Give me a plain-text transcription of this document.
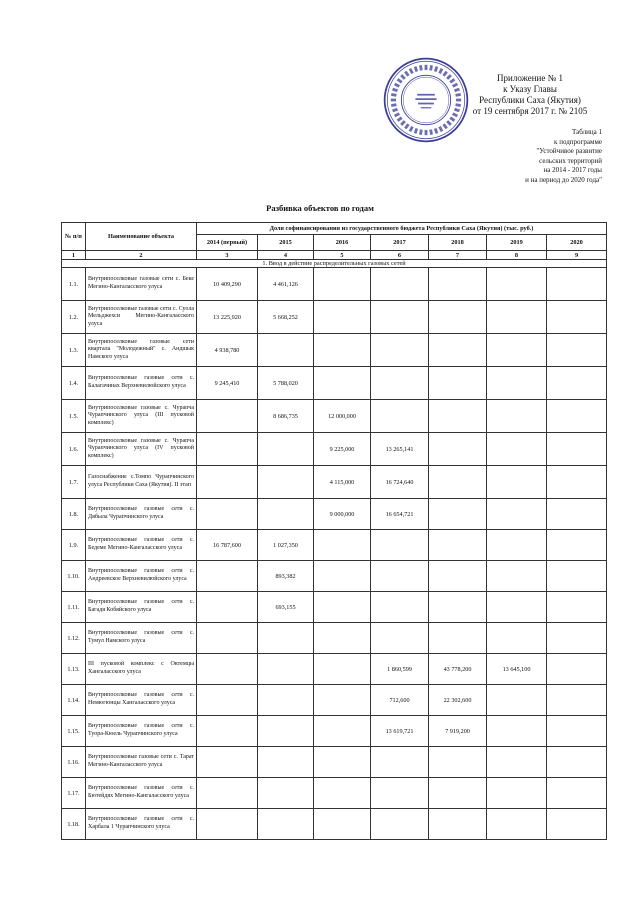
Приложение № 1
к Указу Главы
Республики Саха (Якутия)
от 19 сентября 2017 г. № 2105
Таблица 1
к подпрограмме
"Устойчивое развитие
сельских территорий
на 2014 - 2017 годы
и на период до 2020 года"
Разбивка объектов по годам
№ п/п	Наименование объекта	Доля софинансирования из государственного бюджета Республики Саха (Якутия) (тыс. руб.)						
		2014 (первый)	2015	2016	2017	2018	2019	2020
1	2	3	4	5	6	7	8	9
1. Ввод в действие распределительных газовых сетей								
1.1.	Внутрипоселковые газовые сети с. Беке Мегино-Кангаласского улуса	10 409,290	4 461,126					
1.2.	Внутрипоселковые газовые сети с. Суола Мельджехси Мегино-Кангаласского улуса	13 225,920	5 668,252					
1.3.	Внутрипоселковые газовые сети квартала "Молодежный" с. Андшык Намского улуса	4 938,780						
1.4.	Внутрипоселковые газовые сети с. Балагачинах Верхневилюйского улуса	9 245,410	5 788,020					
1.5.	Внутрипоселковые газовые с. Чурапча Чурапчинского улуса (III пусковой комплекс)		8 686,735	12 000,000				
1.6.	Внутрипоселковые газовые с. Чурапча Чурапчинского улуса (IV пусковой комплекс)			9 225,000	13 265,141			
1.7.	Газоснабжение с.Томпо Чурапчинского улуса Республики Саха (Якутия). II этап			4 115,000	16 724,640			
1.8.	Внутрипоселковые газовые сети с. Дябыла Чурапчинского улуса			9 000,000	16 654,721			
1.9.	Внутрипоселковые газовые сети с. Бедеме Мегино-Кангаласского улуса	16 787,600	1 027,350					
1.10.	Внутрипоселковые газовые сети с. Андреевское Верхневилюйского улуса		893,382					
1.11.	Внутрипоселковые газовые сети с. Багадя Кобяйского улуса		693,155					
1.12.	Внутрипоселковые газовые сети с. Тумул Намского улуса							
1.13.	III пусковой комплекс с Октемцы Хангаласского улуса				1 860,599	43 778,200	13 645,100	
1.14.	Внутрипоселковые газовые сети с. Немюгюнцы Хангаласского улуса				712,600	22 302,600		
1.15.	Внутрипоселковые газовые сети с. Туора-Кюель Чурапчинского улуса				13 619,721	7 919,200		
1.16.	Внутрипоселковые газовые сети с. Тарат Мегино-Кангаласского улуса							
1.17.	Внутрипоселковые газовые сети с. Бютейдях Мегино-Кангаласского улуса							
1.18.	Внутрипоселковые газовые сети с. Харбала 1 Чурапчинского улуса							
